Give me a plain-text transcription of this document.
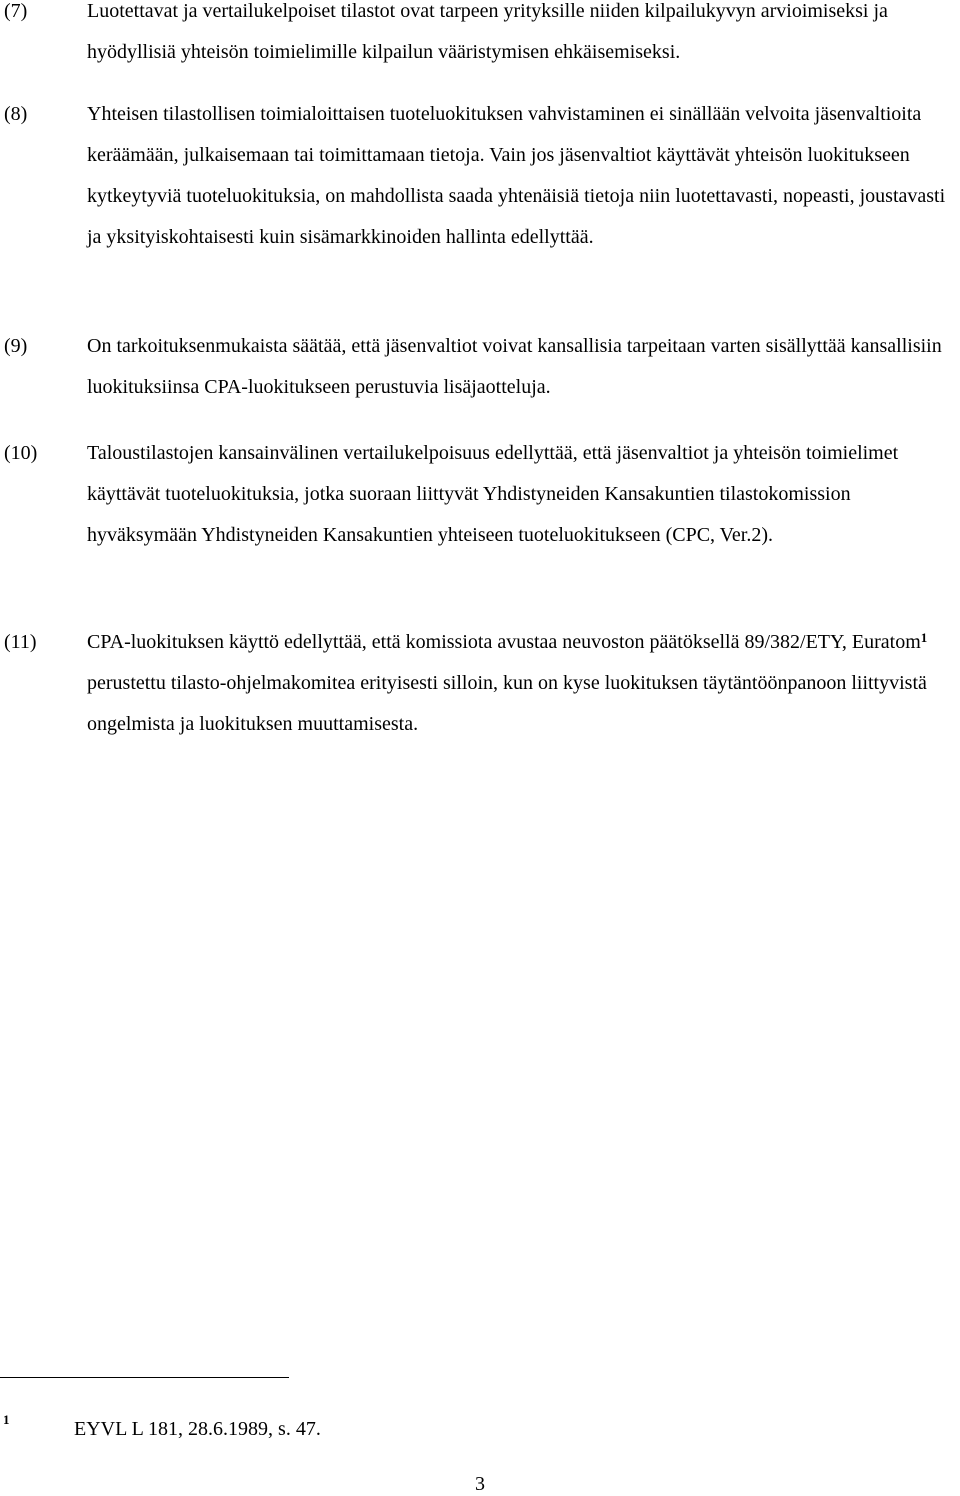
(7)	Luotettavat ja vertailukelpoiset tilastot ovat tarpeen yrityksille niiden kilpailukyvyn arvioimiseksi ja hyödyllisiä yhteisön toimielimille kilpailun vääristymisen ehkäisemiseksi.
(8)	Yhteisen tilastollisen toimialoittaisen tuoteluokituksen vahvistaminen ei sinällään velvoita jäsenvaltioita keräämään, julkaisemaan tai toimittamaan tietoja. Vain jos jäsenvaltiot käyttävät yhteisön luokitukseen kytkeytyviä tuoteluokituksia, on mahdollista saada yhtenäisiä tietoja niin luotettavasti, nopeasti, joustavasti ja yksityiskohtaisesti kuin sisämarkkinoiden hallinta edellyttää.
(9)	On tarkoituksenmukaista säätää, että jäsenvaltiot voivat kansallisia tarpeitaan varten sisällyttää kansallisiin luokituksiinsa CPA-luokitukseen perustuvia lisäjaotteluja.
(10) Taloustilastojen kansainvälinen vertailukelpoisuus edellyttää, että jäsenvaltiot ja yhteisön toimielimet käyttävät tuoteluokituksia, jotka suoraan liittyvät Yhdistyneiden Kansakuntien tilastokomission hyväksymään Yhdistyneiden Kansakuntien yhteiseen tuoteluokitukseen (CPC, Ver.2).
(11)	CPA-luokituksen käyttö edellyttää, että komissiota avustaa neuvoston päätöksellä 89/382/ETY, Euratom$^1$ perustettu tilasto-ohjelmakomitea erityisesti silloin, kun on kyse luokituksen täytäntöönpanoon liittyvistä ongelmista ja luokituksen muuttamisesta.
1	EYVL L 181, 28.6.1989, s. 47.
3
